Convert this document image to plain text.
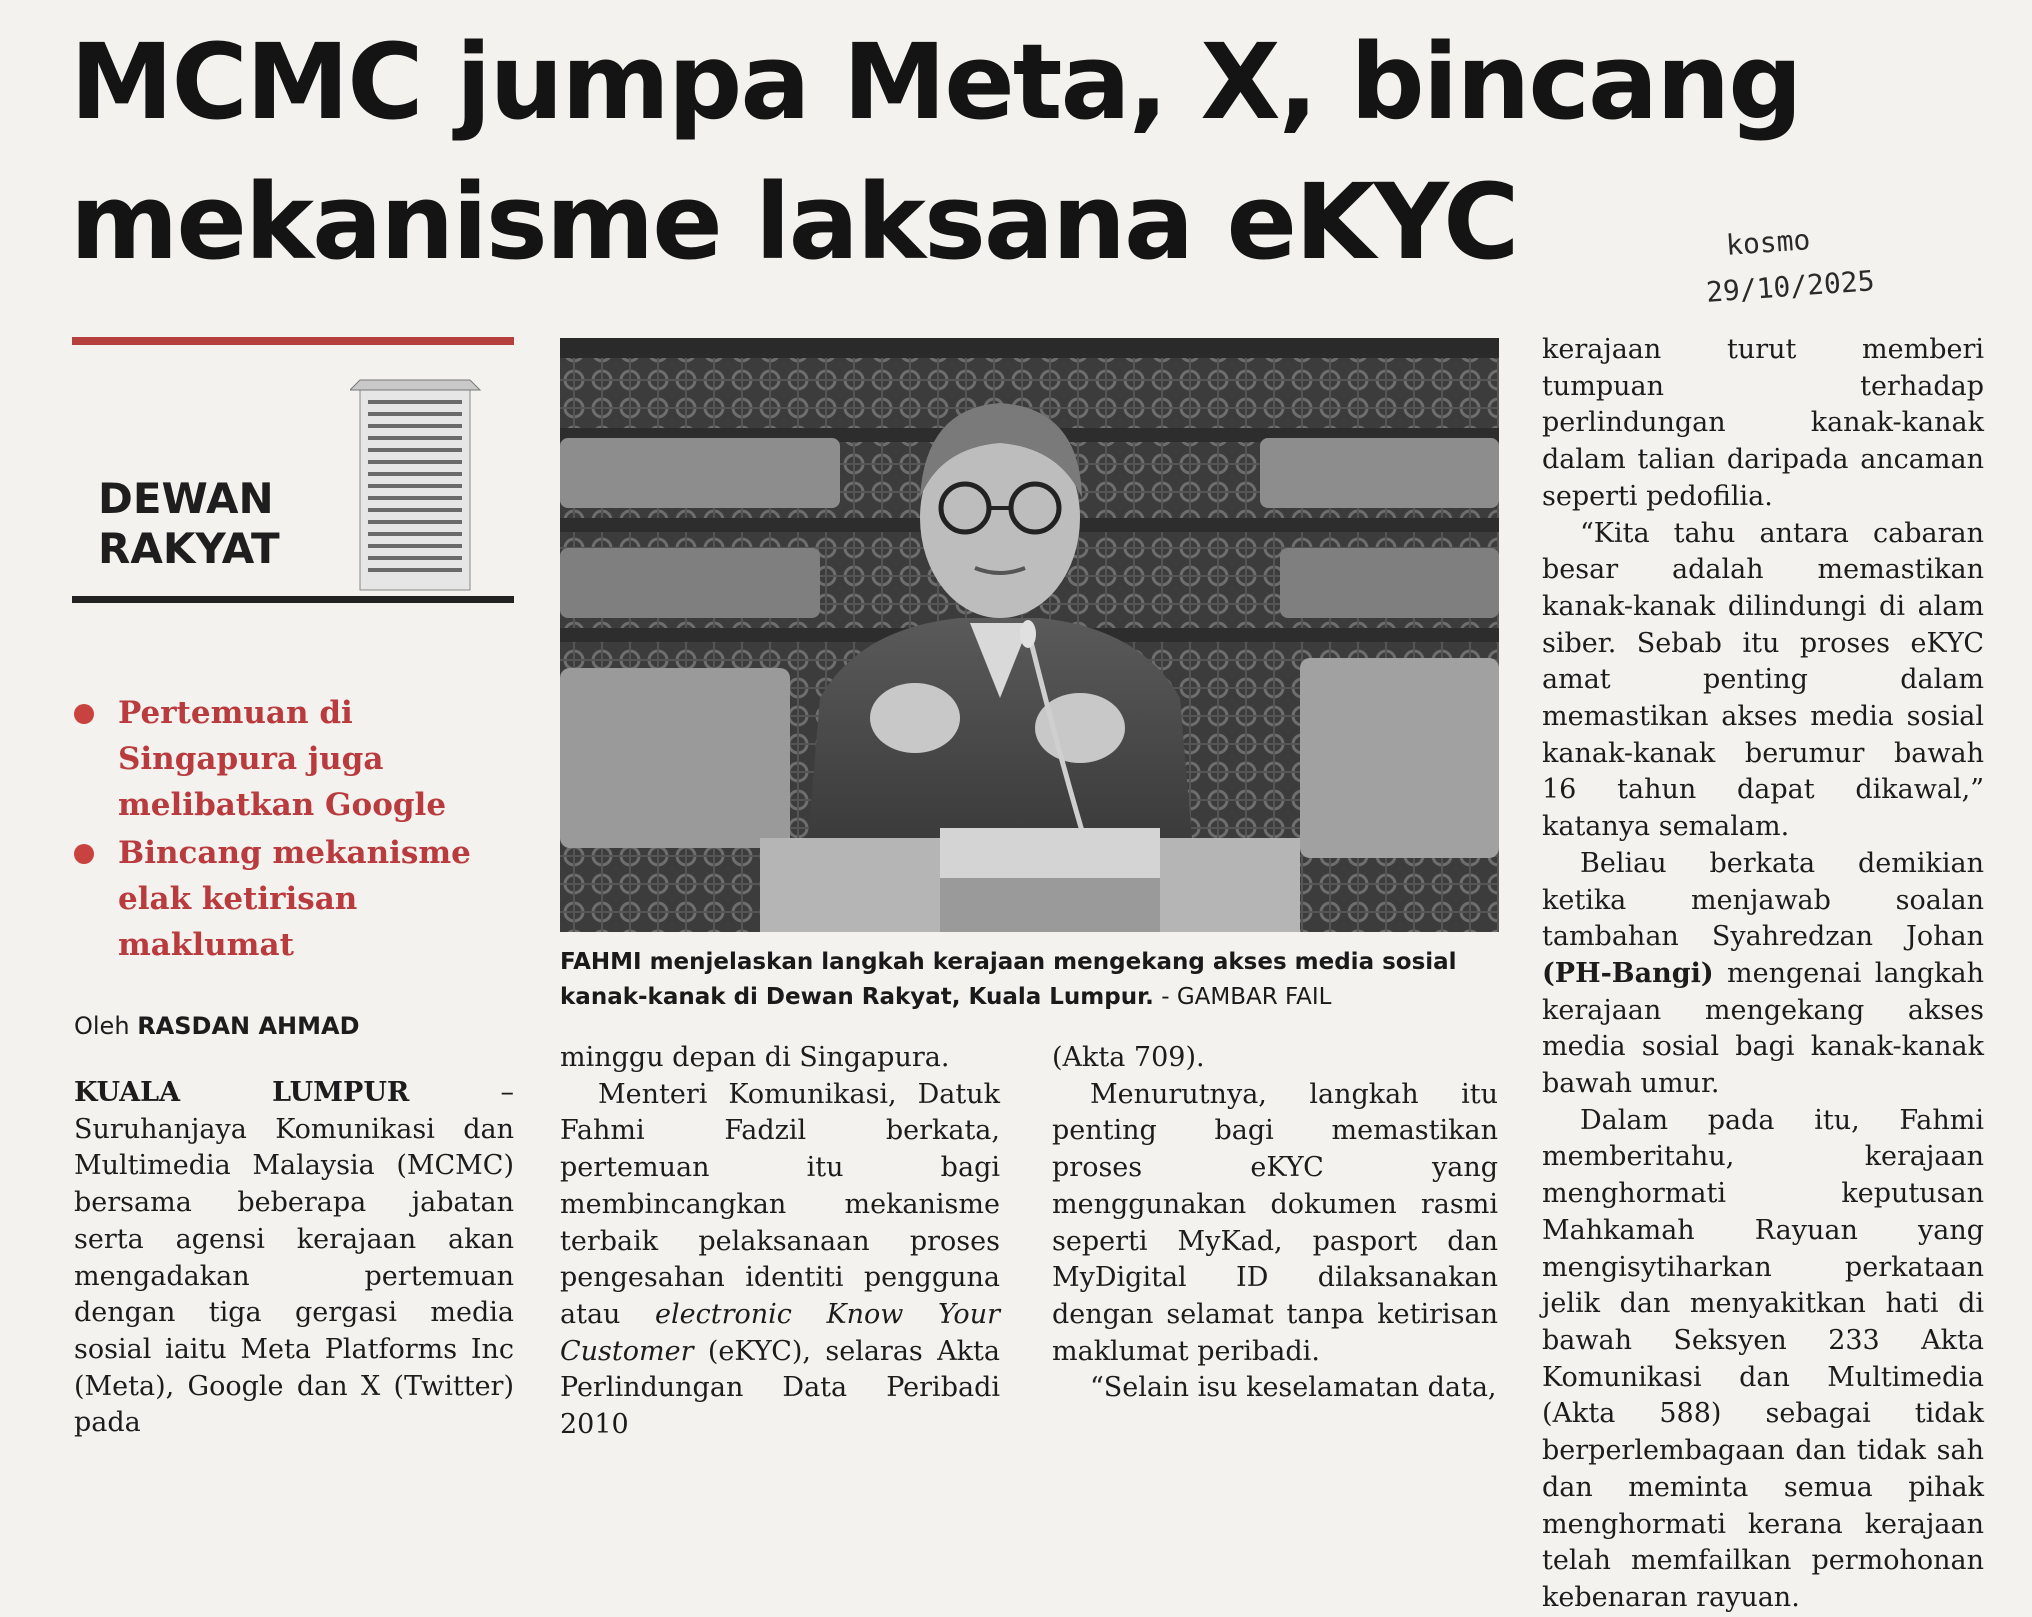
MCMC jumpa Meta, X, bincang
mekanisme laksana eKYC	kosmo
29/10/2025
DEWAN
RAKYAT
Pertemuan di Singapura juga melibatkan Google
Bincang mekanisme elak ketirisan maklumat
Oleh RASDAN AHMAD
FAHMI menjelaskan langkah kerajaan mengekang akses media sosial kanak-kanak di Dewan Rakyat, Kuala Lumpur. - GAMBAR FAIL

KUALA LUMPUR – Suruhanjaya Komunikasi dan Multimedia Malaysia (MCMC) bersama beberapa jabatan serta agensi kerajaan akan mengadakan pertemuan dengan tiga gergasi media sosial iaitu Meta Platforms Inc (Meta), Google dan X (Twitter) pada

minggu depan di Singapura.

Menteri Komunikasi, Datuk Fahmi Fadzil berkata, pertemuan itu bagi membincangkan mekanisme terbaik pelaksanaan proses pengesahan identiti pengguna atau electronic Know Your Customer (eKYC), selaras Akta Perlindungan Data Peribadi 2010

(Akta 709).

Menurutnya, langkah itu penting bagi memastikan proses eKYC yang menggunakan dokumen rasmi seperti MyKad, pasport dan MyDigital ID dilaksanakan dengan selamat tanpa ketirisan maklumat peribadi.

“Selain isu keselamatan data,

kerajaan turut memberi tumpuan terhadap perlindungan kanak-kanak dalam talian daripada ancaman seperti pedofilia.

“Kita tahu antara cabaran besar adalah memastikan kanak-kanak dilindungi di alam siber. Sebab itu proses eKYC amat penting dalam memastikan akses media sosial kanak-kanak berumur bawah 16 tahun dapat dikawal,” katanya semalam.

Beliau berkata demikian ketika menjawab soalan tambahan Syahredzan Johan (PH-Bangi) mengenai langkah kerajaan mengekang akses media sosial bagi kanak-kanak bawah umur.

Dalam pada itu, Fahmi memberitahu, kerajaan menghormati keputusan Mahkamah Rayuan yang mengisytiharkan perkataan jelik dan menyakitkan hati di bawah Seksyen 233 Akta Komunikasi dan Multimedia (Akta 588) sebagai tidak berperlembagaan dan tidak sah dan meminta semua pihak menghormati kerana kerajaan telah memfailkan permohonan kebenaran rayuan.
